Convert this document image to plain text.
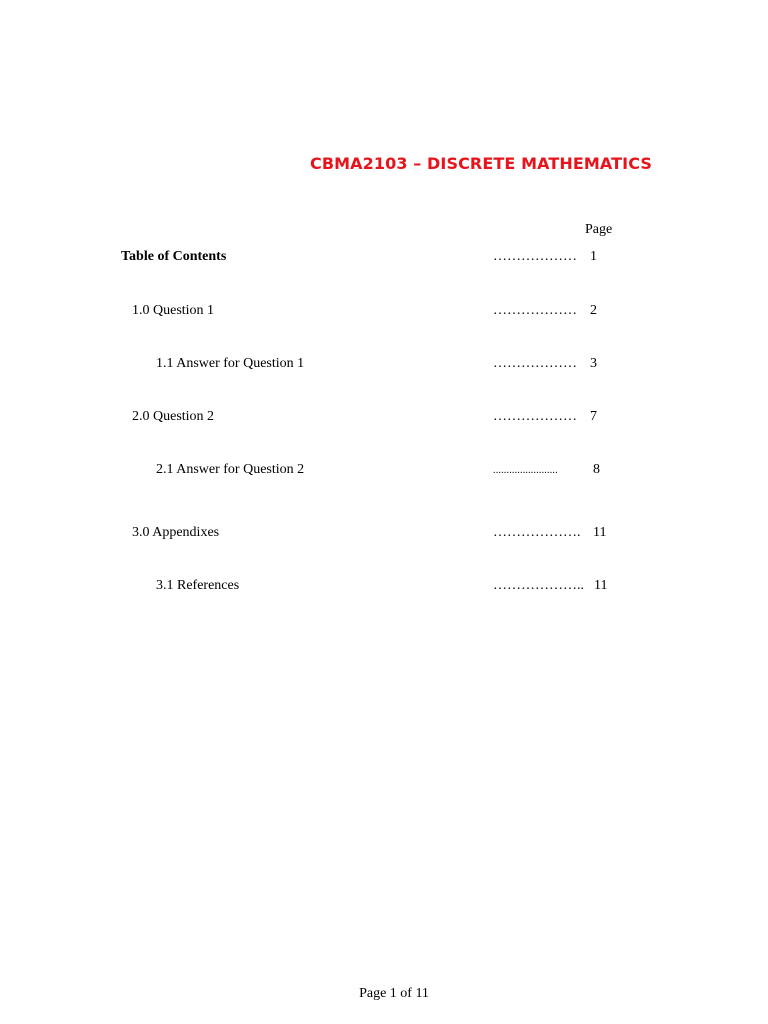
CBMA2103 – DISCRETE MATHEMATICS
Page
Table of Contents	……………… 1
1.0 Question 1	……………… 2
1.1 Answer for Question 1	……………… 3
2.0 Question 2	……………… 7
2.1 Answer for Question 2	........................	8
3.0 Appendixes	………………. 11
3.1 References	……………….. 11
Page 1 of 11
